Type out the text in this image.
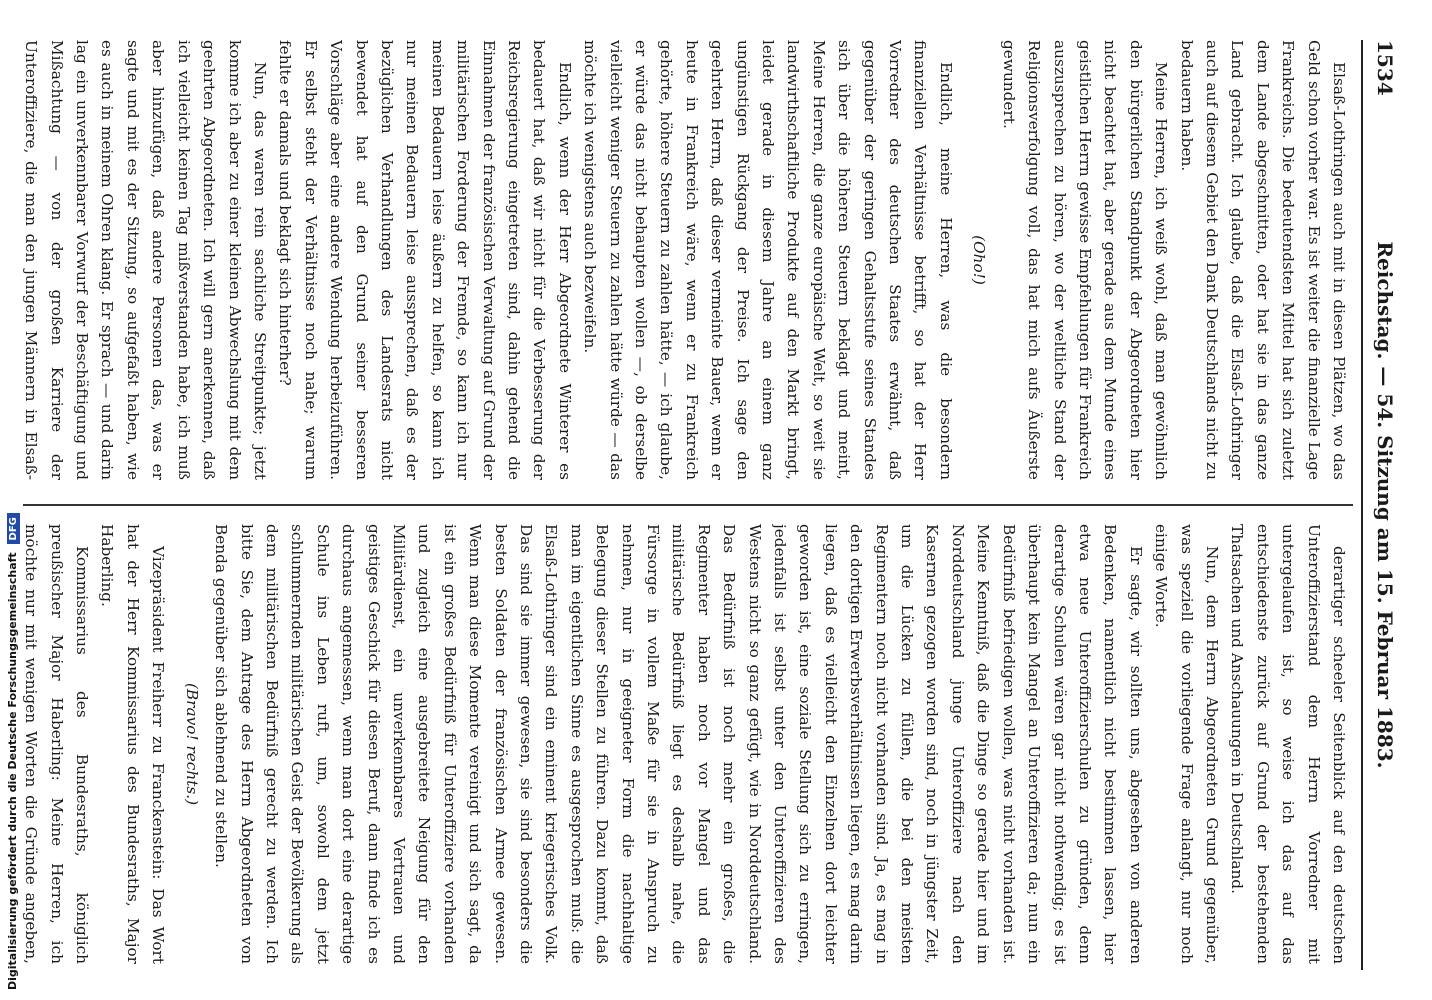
1534
Reichstag. — 54. Sitzung am 15. Februar 1883.

Elsaß-Lothringen auch mit in diesen Plätzen, wo das Geld schon vorher war. Es ist weiter die finanzielle Lage Frankreichs. Die bedeutendsten Mittel hat sich zuletzt dem Lande abgeschnitten, oder hat sie in das ganze Land gebracht. Ich glaube, daß die Elsaß-Lothringer auch auf diesem Gebiet den Dank Deutschlands nicht zu bedauern haben.

Meine Herren, ich weiß wohl, daß man gewöhnlich den bürgerlichen Standpunkt der Abgeordneten hier nicht beachtet hat, aber gerade aus dem Munde eines geistlichen Herrn gewisse Empfehlungen für Frankreich auszusprechen zu hören, wo der weltliche Stand der Religionsverfolgung voll, das hat mich aufs Äußerste gewundert.

(Oho!)

Endlich, meine Herren, was die besondern finanziellen Verhältnisse betrifft, so hat der Herr Vorredner des deutschen Staates erwähnt, daß gegenüber der geringen Gehaltsstufe seines Standes sich über die höheren Steuern beklagt und meint, Meine Herren, die ganze europäische Welt, so weit sie landwirthschaftliche Produkte auf den Markt bringt, leidet gerade in diesem Jahre an einem ganz ungünstigen Rückgang der Preise. Ich sage den geehrten Herrn, daß dieser vermeinte Bauer, wenn er heute in Frankreich wäre, wenn er zu Frankreich gehörte, höhere Steuern zu zahlen hätte, — ich glaube, er würde das nicht behaupten wollen —, ob derselbe vielleicht weniger Steuern zu zahlen hätte würde — das möchte ich wenigstens auch bezweifeln.

Endlich, wenn der Herr Abgeordnete Winterer es bedauert hat, daß wir nicht für die Verbesserung der Reichsregierung eingetreten sind, dahin gehend die Einnahmen der französischen Verwaltung auf Grund der militärischen Forderung der Fremde, so kann ich nur meinen Bedauern leise äußern zu helfen, so kann ich nur meinen Bedauern leise aussprechen, daß es der bezüglichen Verhandlungen des Landesrats nicht bewendet hat auf den Grund seiner besseren Vorschläge aber eine andere Wendung herbeizuführen. Er selbst steht der Verhältnisse noch nahe; warum fehlte er damals und beklagt sich hinterher?

Nun, das waren rein sachliche Streitpunkte; jetzt komme ich aber zu einer kleinen Abwechslung mit dem geehrten Abgeordneten. Ich will gern anerkennen, daß ich vielleicht keinen Tag mißverstanden habe, ich muß aber hinzufügen, daß andere Personen das, was er sagte und mit es der Sitzung, so aufgefaßt haben, wie es auch in meinem Ohren klang. Er sprach — und darin lag ein unverkennbarer Vorwurf der Beschäftigung und Mißachtung — von der großen Karriere der Unteroffiziere, die man den jungen Männern in Elsaß-

derartiger scheeler Seitenblick auf den deutschen Unteroffizierstand dem Herrn Vorredner mit untergelaufen ist, so weise ich das auf das entschiedenste zurück auf Grund der bestehenden Thatsachen und Anschauungen in Deutschland.

Nun, dem Herrn Abgeordneten Grund gegenüber, was speziell die vorliegende Frage anlangt, nur noch einige Worte.

Er sagte, wir sollten uns, abgesehen von anderen Bedenken, namentlich nicht bestimmen lassen, hier etwa neue Unteroffizierschulen zu gründen, denn derartige Schulen wären gar nicht nothwendig; es ist überhaupt kein Mangel an Unteroffizieren da; nun ein Bedürfniß befriedigen wollen, was nicht vorhanden ist. Meine Kenntniß, daß die Dinge so gerade hier und im Norddeutschland junge Unteroffiziere nach den Kasernen gezogen worden sind, noch in jüngster Zeit, um die Lücken zu füllen, die bei den meisten Regimentern noch nicht vorhanden sind. Ja, es mag in den dortigen Erwerbsverhältnissen liegen, es mag darin liegen, daß es vielleicht den Einzelnen dort leichter geworden ist, eine soziale Stellung sich zu erringen, jedenfalls ist selbst unter den Unteroffizieren des Westens nicht so ganz gefügt, wie in Norddeutschland. Das Bedürfniß ist noch mehr ein großes, die Regimenter haben noch vor Mangel und das militärische Bedürfniß liegt es deshalb nahe, die Fürsorge in vollem Maße für sie in Anspruch zu nehmen, nur in geeigneter Form die nachhaltige Belegung dieser Stellen zu führen. Dazu kommt, daß man im eigentlichen Sinne es ausgesprochen muß: die Elsaß-Lothringer sind ein eminent kriegerisches Volk. Das sind sie immer gewesen, sie sind besonders die besten Soldaten der französischen Armee gewesen. Wenn man diese Momente vereinigt und sich sagt, da ist ein großes Bedürfniß für Unteroffiziere vorhanden und zugleich eine ausgebreitete Neigung für den Militärdienst, ein unverkennbares Vertrauen und geistiges Geschick für diesen Beruf, dann finde ich es durchaus angemessen, wenn man dort eine derartige Schule ins Leben ruft, um, sowohl dem jetzt schlummernden militärischen Geist der Bevölkerung als dem militärischen Bedürfniß gerecht zu werden. Ich bitte Sie, dem Antrage des Herrn Abgeordneten von Benda gegenüber sich ablehnend zu stellen.

(Bravo! rechts.)

Vizepräsident Freiherr zu Franckenstein: Das Wort hat der Herr Kommissarius des Bundesraths, Major Haberling.

Kommissarius des Bundesraths, königlich preußischer Major Haberling: Meine Herren, ich möchte nur mit wenigen Worten die Gründe angeben,

Digitalisierung gefördert durch die Deutsche Forschungsgemeinschaft DFG
